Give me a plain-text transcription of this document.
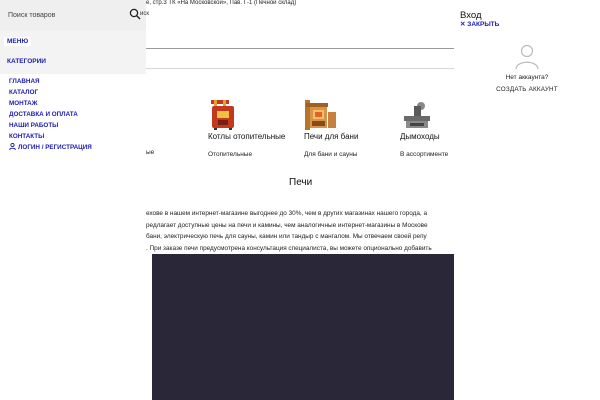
е, стр.3 ТК «На Московской», Пав. Г-1 (Печной склад)
ые
Котлы отопительные
Отопительные
Печи для бани
Для бани и сауны
Дымоходы
В ассортименте
Печи
ехове в нашем интернет-магазине выгоднее до 30%, чем в других магазинах нашего города, а
редлагает доступные цены на печи и камины, чем аналогичные интернет-магазины в Москове
бани, электрическую печь для сауны, камин или тандыр с мангалом. Мы отвечаем своей репу
. При заказе печи предусмотрена консультация специалиста, вы можете опционально добавить
Поиск товаров
МЕНЮ
КАТЕГОРИИ
ГЛАВНАЯ
КАТАЛОГ
МОНТАЖ
ДОСТАВКА И ОПЛАТА
НАШИ РАБОТЫ
КОНТАКТЫ
ЛОГИН / РЕГИСТРАЦИЯ
иск	Вход
✕ ЗАКРЫТЬ
Нет аккаунта?
СОЗДАТЬ АККАУНТ
